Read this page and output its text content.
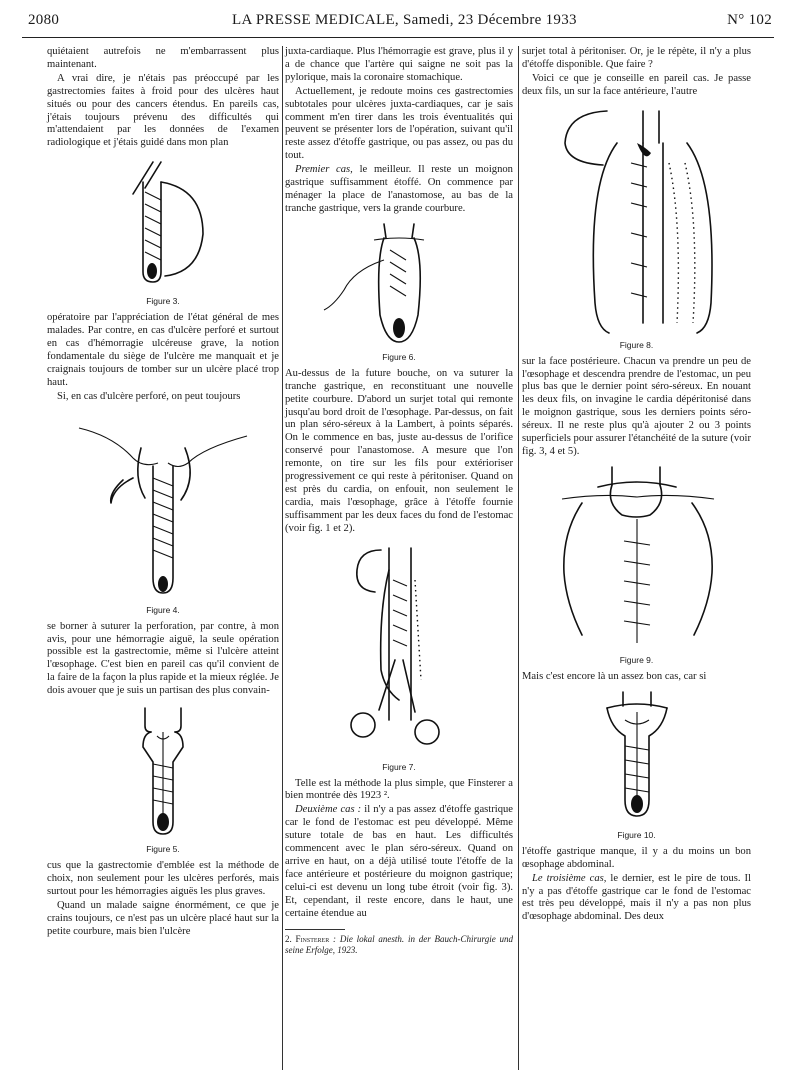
2080	LA PRESSE MEDICALE, Samedi, 23 Décembre 1933	N° 102

quiétaient autrefois ne m'embarrassent plus maintenant.

A vrai dire, je n'étais pas préoccupé par les gastrectomies faites à froid pour des ulcères haut situés ou pour des cancers étendus. En pareils cas, j'étais toujours prévenu des difficultés qui m'attendaient par les données de l'examen radiologique et j'étais guidé dans mon plan

Figure 3.

opératoire par l'appréciation de l'état général de mes malades. Par contre, en cas d'ulcère perforé et surtout en cas d'hémorragie ulcéreuse grave, la notion fondamentale du siège de l'ulcère me manquait et je craignais toujours de tomber sur un ulcère placé trop haut.

Si, en cas d'ulcère perforé, on peut toujours

Figure 4.

se borner à suturer la perforation, par contre, à mon avis, pour une hémorragie aiguë, la seule opération possible est la gastrectomie, même si l'ulcère atteint l'œsophage. C'est bien en pareil cas qu'il convient de la faire de la façon la plus rapide et la mieux réglée. Je dois avouer que je suis un partisan des plus convain-

Figure 5.

cus que la gastrectomie d'emblée est la méthode de choix, non seulement pour les ulcères perforés, mais surtout pour les hémorragies aiguës les plus graves.

Quand un malade saigne énormément, ce que je crains toujours, ce n'est pas un ulcère placé haut sur la petite courbure, mais bien l'ulcère

juxta-cardiaque. Plus l'hémorragie est grave, plus il y a de chance que l'artère qui saigne ne soit pas la pylorique, mais la coronaire stomachique.

Actuellement, je redoute moins ces gastrectomies subtotales pour ulcères juxta-cardiaques, car je sais comment m'en tirer dans les trois éventualités qui peuvent se présenter lors de l'opération, suivant qu'il reste assez d'étoffe gastrique, ou pas assez, ou pas du tout.

Premier cas, le meilleur. Il reste un moignon gastrique suffisamment étoffé. On commence par ménager la place de l'anastomose, au bas de la tranche gastrique, vers la grande courbure.

Figure 6.

Au-dessus de la future bouche, on va suturer la tranche gastrique, en reconstituant une nouvelle petite courbure. D'abord un surjet total qui remonte jusqu'au bord droit de l'œsophage. Par-dessus, on fait un plan séro-séreux à la Lambert, à points séparés. On le commence en bas, juste au-dessus de l'orifice conservé pour l'anastomose. A mesure que l'on remonte, on tire sur les fils pour extérioriser progressivement ce qui reste à péritoniser. Quand on est près du cardia, on enfouit, non seulement le cardia, mais l'œsophage, grâce à l'étoffe fournie suffisamment par les deux faces du fond de l'estomac (voir fig. 1 et 2).

Figure 7.

Telle est la méthode la plus simple, que Finsterer a bien montrée dès 1923 ².

Deuxième cas : il n'y a pas assez d'étoffe gastrique car le fond de l'estomac est peu développé. Même suture totale de bas en haut. Les difficultés commencent avec le plan séro-séreux. Quand on arrive en haut, on a déjà utilisé toute l'étoffe de la face antérieure et postérieure du moignon gastrique; celui-ci est devenu un long tube étroit (voir fig. 3). Et, cependant, il reste encore, dans le haut, une certaine étendue au

2. Finsterer : Die lokal anesth. in der Bauch-Chirurgie und seine Erfolge, 1923.

surjet total à péritoniser. Or, je le répète, il n'y a plus d'étoffe disponible. Que faire ?

Voici ce que je conseille en pareil cas. Je passe deux fils, un sur la face antérieure, l'autre

Figure 8.

sur la face postérieure. Chacun va prendre un peu de l'œsophage et descendra prendre de l'estomac, un peu plus bas que le dernier point séro-séreux. En nouant les deux fils, on invagine le cardia dépéritonisé dans le moignon gastrique, sous les derniers points séro-séreux. Il ne reste plus qu'à ajouter 2 ou 3 points superficiels pour assurer l'étanchéité de la suture (voir fig. 3, 4 et 5).

Figure 9.

Mais c'est encore là un assez bon cas, car si

Figure 10.

l'étoffe gastrique manque, il y a du moins un bon œsophage abdominal.

Le troisième cas, le dernier, est le pire de tous. Il n'y a pas d'étoffe gastrique car le fond de l'estomac est très peu développé, mais il n'y a pas non plus d'œsophage abdominal. Des deux
